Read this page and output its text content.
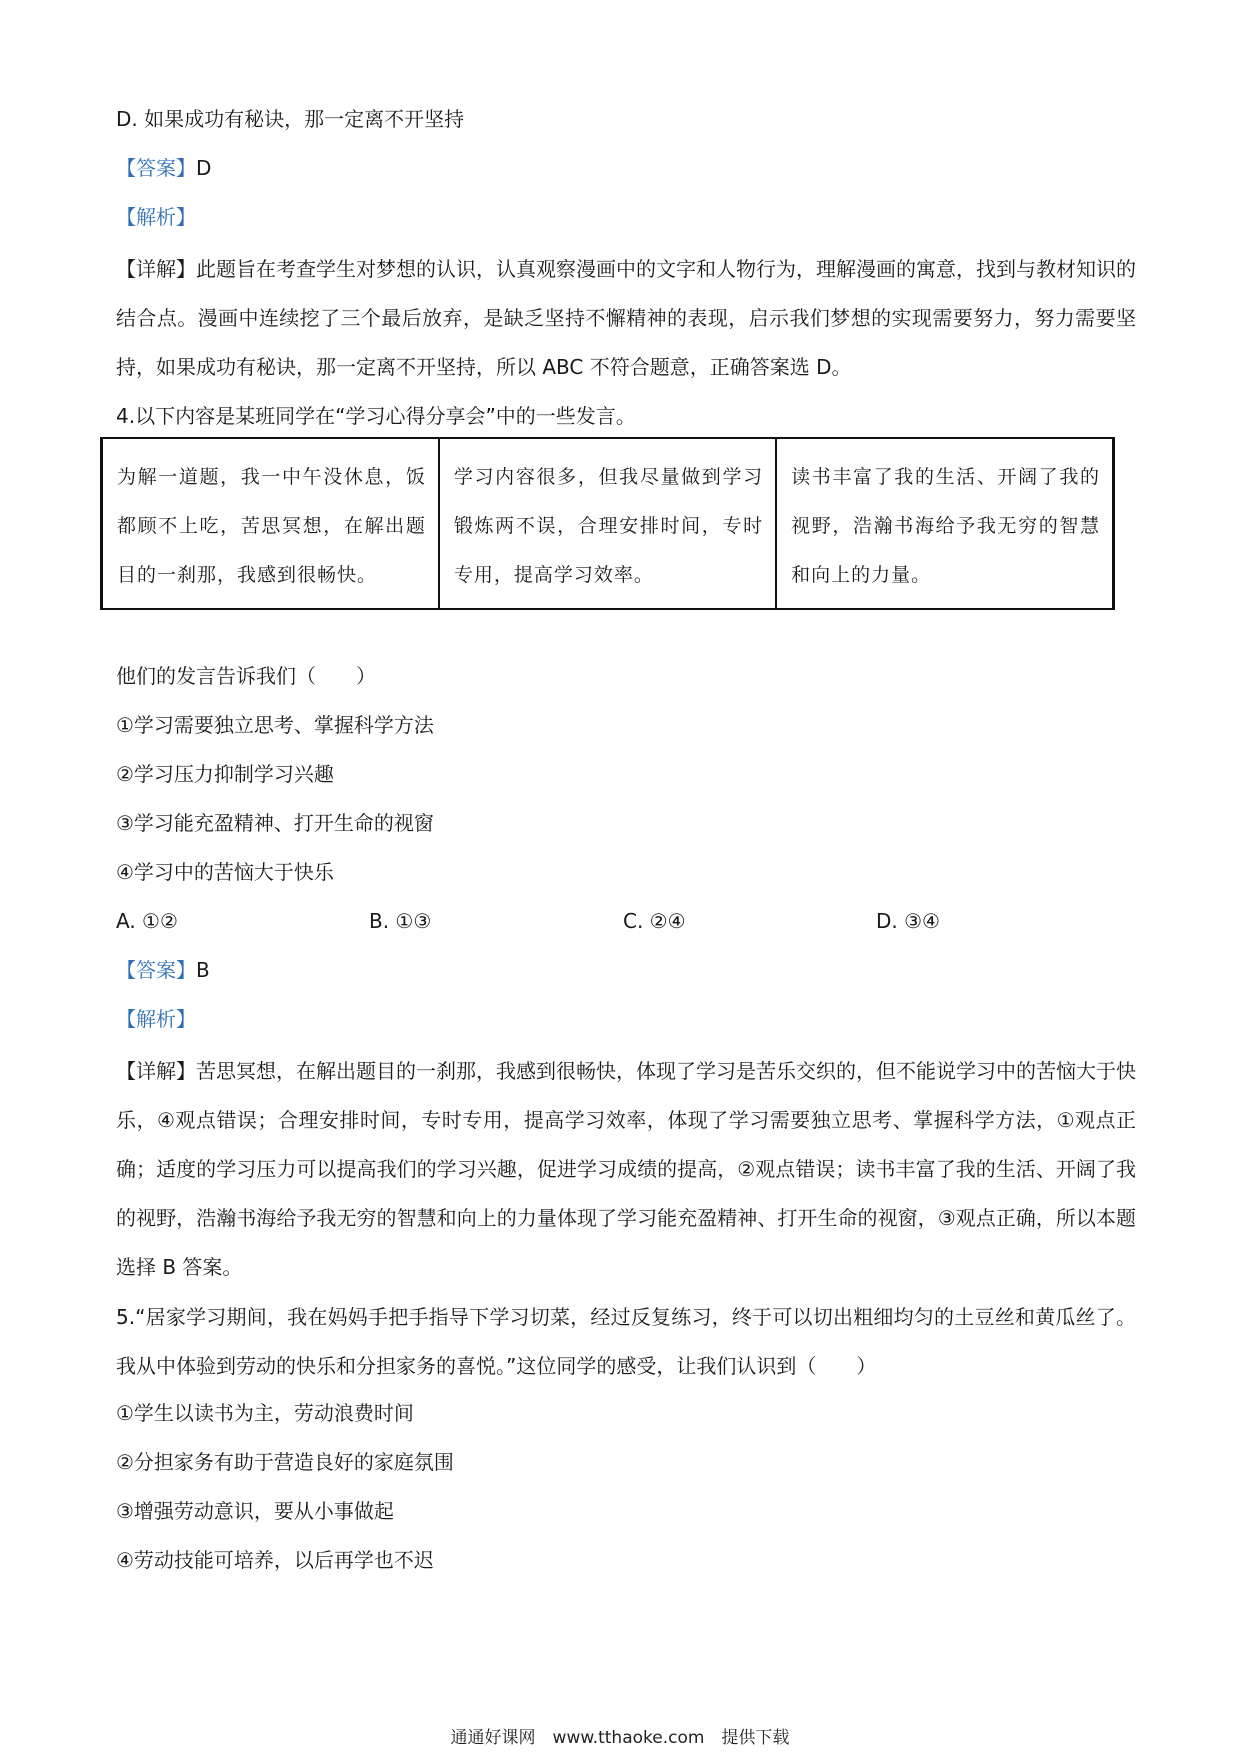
D. 如果成功有秘诀，那一定离不开坚持
【答案】D
【解析】
【详解】此题旨在考查学生对梦想的认识，认真观察漫画中的文字和人物行为，理解漫画的寓意，找到与教材知识的结合点。漫画中连续挖了三个最后放弃，是缺乏坚持不懈精神的表现，启示我们梦想的实现需要努力，努力需要坚持，如果成功有秘诀，那一定离不开坚持，所以 ABC 不符合题意，正确答案选 D。
4.以下内容是某班同学在“学习心得分享会”中的一些发言。
为解一道题，我一中午没休息，饭都顾不上吃，苦思冥想，在解出题目的一刹那，我感到很畅快。	学习内容很多，但我尽量做到学习锻炼两不误，合理安排时间，专时专用，提高学习效率。	读书丰富了我的生活、开阔了我的视野，浩瀚书海给予我无穷的智慧和向上的力量。
他们的发言告诉我们（　　）
①学习需要独立思考、掌握科学方法
②学习压力抑制学习兴趣
③学习能充盈精神、打开生命的视窗
④学习中的苦恼大于快乐
A. ①②	B. ①③	C. ②④	D. ③④
【答案】B
【解析】
【详解】苦思冥想，在解出题目的一刹那，我感到很畅快，体现了学习是苦乐交织的，但不能说学习中的苦恼大于快乐，④观点错误；合理安排时间，专时专用，提高学习效率，体现了学习需要独立思考、掌握科学方法，①观点正确；适度的学习压力可以提高我们的学习兴趣，促进学习成绩的提高，②观点错误；读书丰富了我的生活、开阔了我的视野，浩瀚书海给予我无穷的智慧和向上的力量体现了学习能充盈精神、打开生命的视窗，③观点正确，所以本题选择 B 答案。
5.“居家学习期间，我在妈妈手把手指导下学习切菜，经过反复练习，终于可以切出粗细均匀的土豆丝和黄瓜丝了。我从中体验到劳动的快乐和分担家务的喜悦。”这位同学的感受，让我们认识到（　　）
①学生以读书为主，劳动浪费时间
②分担家务有助于营造良好的家庭氛围
③增强劳动意识，要从小事做起
④劳动技能可培养，以后再学也不迟
通通好课网　www.tthaoke.com　提供下载
